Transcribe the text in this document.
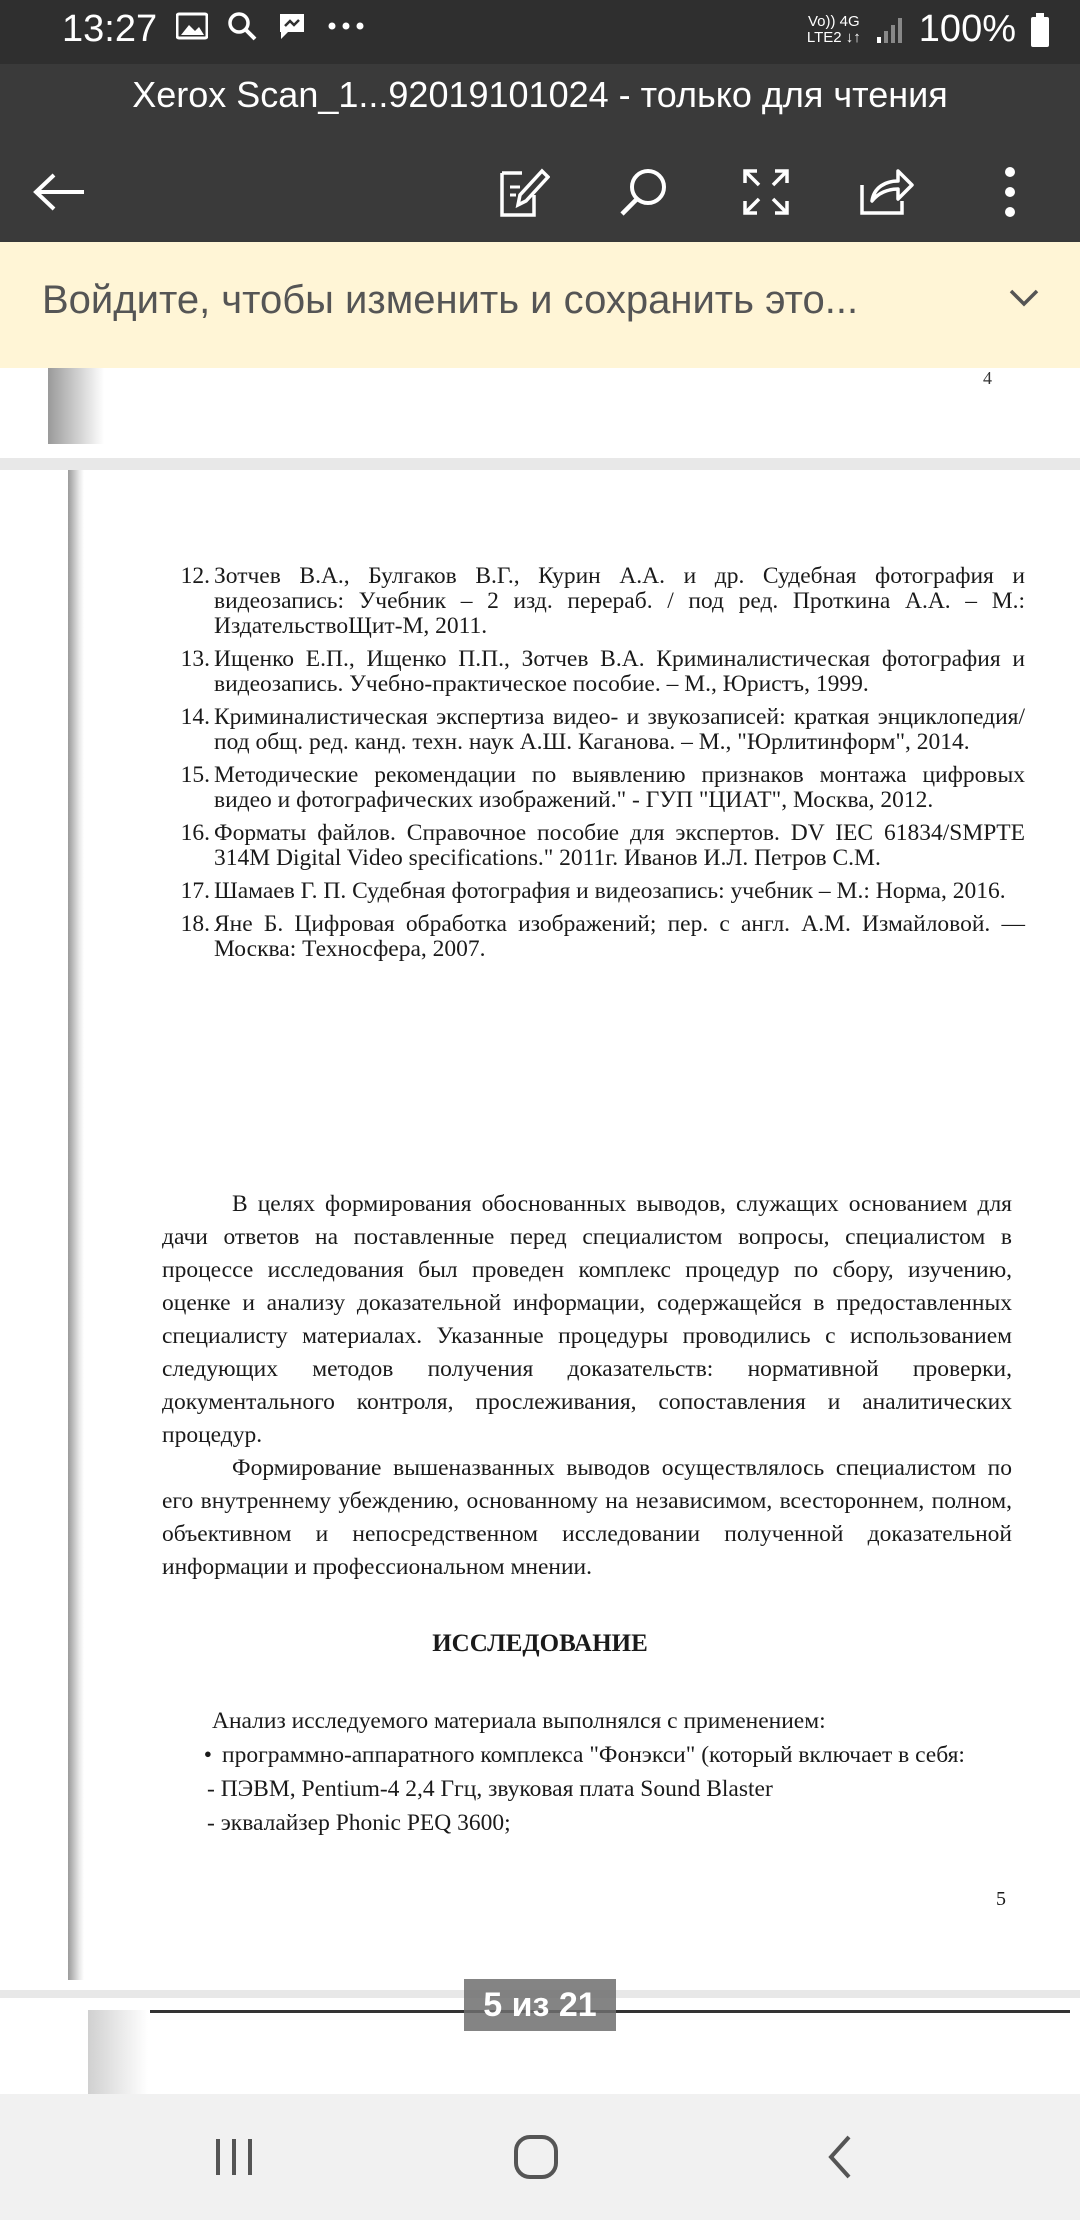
13:27	Vo)) 4G
LTE2 ↓↑ 100%
Xerox Scan_1...92019101024 - только для чтения
Войдите, чтобы изменить и сохранить это...
4
12. Зотчев В.А., Булгаков В.Г., Курин А.А. и др. Судебная фотография и видеозапись: Учебник – 2 изд. перераб. / под ред. Проткина А.А. – М.: ИздательствоЩит-М, 2011.
13. Ищенко Е.П., Ищенко П.П., Зотчев В.А. Криминалистическая фотография и видеозапись. Учебно-практическое пособие. – М., Юристъ, 1999.
14. Криминалистическая экспертиза видео- и звукозаписей: краткая энциклопедия/ под общ. ред. канд. техн. наук А.Ш. Каганова. – М., "Юрлитинформ", 2014.
15. Методические рекомендации по выявлению признаков монтажа цифровых видео и фотографических изображений." - ГУП "ЦИАТ", Москва, 2012.
16. Форматы файлов. Справочное пособие для экспертов. DV IEC 61834/SMPTE 314M Digital Video specifications." 2011г. Иванов И.Л. Петров С.М.
17. Шамаев Г. П. Судебная фотография и видеозапись: учебник – М.: Норма, 2016.
18. Яне Б. Цифровая обработка изображений; пер. с англ. А.М. Измайловой. — Москва: Техносфера, 2007.

В целях формирования обоснованных выводов, служащих основанием для дачи ответов на поставленные перед специалистом вопросы, специалистом в процессе исследования был проведен комплекс процедур по сбору, изучению, оценке и анализу доказательной информации, содержащейся в предоставленных специалисту материалах. Указанные процедуры проводились с использованием следующих методов получения доказательств: нормативной проверки, документального контроля, прослеживания, сопоставления и аналитических процедур.

Формирование вышеназванных выводов осуществлялось специалистом по его внутреннему убеждению, основанному на независимом, всестороннем, полном, объективном и непосредственном исследовании полученной доказательной информации и профессиональном мнении.

ИССЛЕДОВАНИЕ
Анализ исследуемого материала выполнялся с применением:
• программно-аппаратного комплекса "Фонэкси" (который включает в себя:
- ПЭВМ, Pentium-4 2,4 Ггц, звуковая плата Sound Blaster
- эквалайзер Phonic PEQ 3600;
5
5 из 21
